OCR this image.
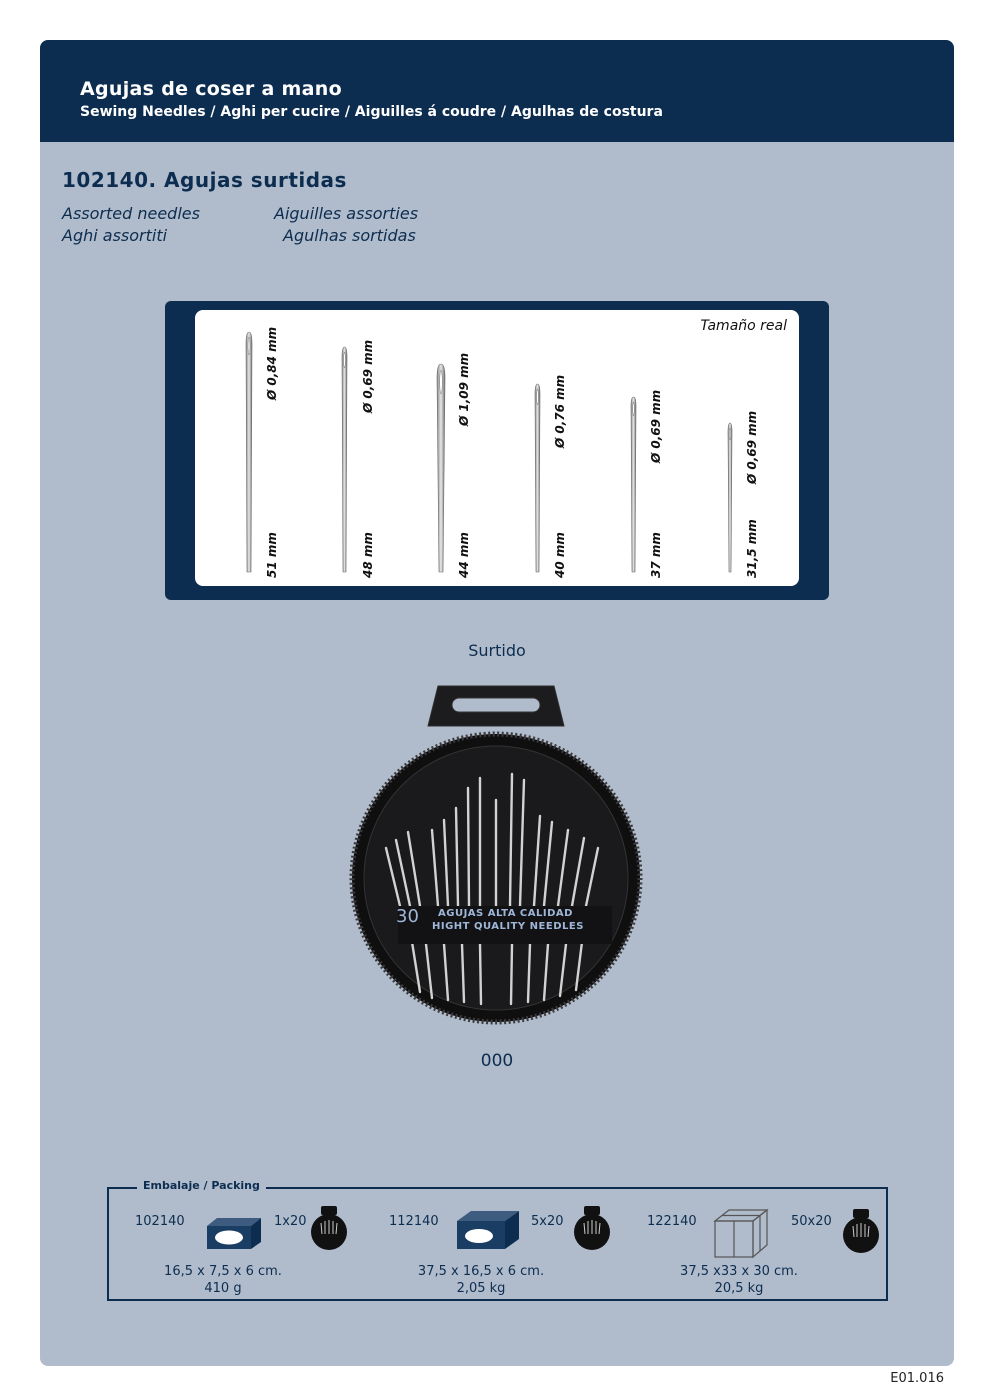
Agujas de coser a mano
Sewing Needles / Aghi per cucire / Aiguilles á coudre / Agulhas de costura
102140. Agujas surtidas
Assorted needles
Aghi assortiti
Aiguilles assorties
Agulhas sortidas
Tamaño real
51 mm
Ø 0,84 mm
48 mm
Ø 0,69 mm
44 mm
Ø 1,09 mm
40 mm
Ø 0,76 mm
37 mm
Ø 0,69 mm
31,5 mm
Ø 0,69 mm
Surtido
30 AGUJAS ALTA CALIDAD
HIGHT QUALITY NEEDLES
000
Embalaje / Packing
102140	1x20
16,5 x 7,5 x 6 cm.
410 g
112140	5x20
37,5 x 16,5 x 6 cm.
2,05 kg
122140	50x20
37,5 x33 x 30 cm.
20,5 kg
E01.016
